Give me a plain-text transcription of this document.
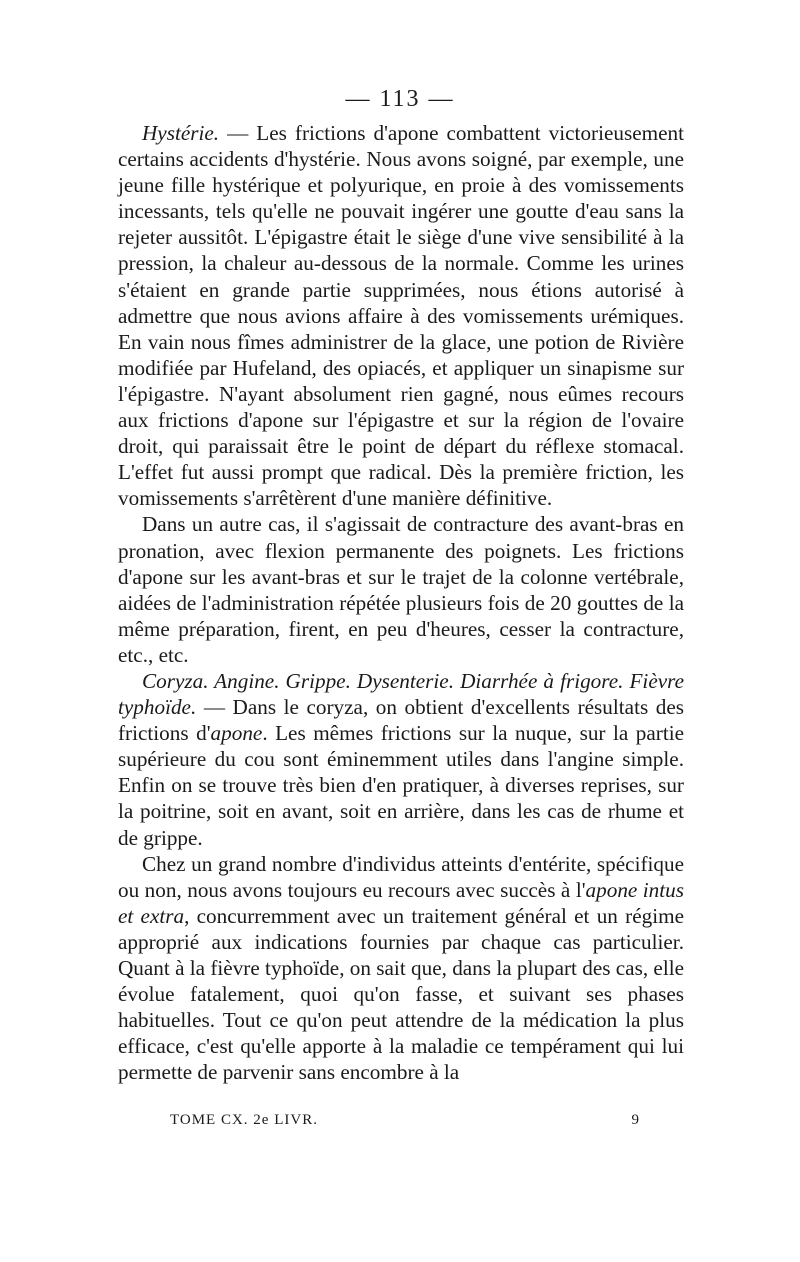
— 113 —

Hystérie. — Les frictions d'apone combattent victorieusement certains accidents d'hystérie. Nous avons soigné, par exemple, une jeune fille hystérique et polyurique, en proie à des vomissements incessants, tels qu'elle ne pouvait ingérer une goutte d'eau sans la rejeter aussitôt. L'épigastre était le siège d'une vive sensibilité à la pression, la chaleur au-dessous de la normale. Comme les urines s'étaient en grande partie supprimées, nous étions autorisé à admettre que nous avions affaire à des vomissements urémiques. En vain nous fîmes administrer de la glace, une potion de Rivière modifiée par Hufeland, des opiacés, et appliquer un sinapisme sur l'épigastre. N'ayant absolument rien gagné, nous eûmes recours aux frictions d'apone sur l'épigastre et sur la région de l'ovaire droit, qui paraissait être le point de départ du réflexe stomacal. L'effet fut aussi prompt que radical. Dès la première friction, les vomissements s'arrêtèrent d'une manière définitive.

Dans un autre cas, il s'agissait de contracture des avant-bras en pronation, avec flexion permanente des poignets. Les frictions d'apone sur les avant-bras et sur le trajet de la colonne vertébrale, aidées de l'administration répétée plusieurs fois de 20 gouttes de la même préparation, firent, en peu d'heures, cesser la contracture, etc., etc.

Coryza. Angine. Grippe. Dysenterie. Diarrhée à frigore. Fièvre typhoïde. — Dans le coryza, on obtient d'excellents résultats des frictions d'apone. Les mêmes frictions sur la nuque, sur la partie supérieure du cou sont éminemment utiles dans l'angine simple. Enfin on se trouve très bien d'en pratiquer, à diverses reprises, sur la poitrine, soit en avant, soit en arrière, dans les cas de rhume et de grippe.

Chez un grand nombre d'individus atteints d'entérite, spécifique ou non, nous avons toujours eu recours avec succès à l'apone intus et extra, concurremment avec un traitement général et un régime approprié aux indications fournies par chaque cas particulier. Quant à la fièvre typhoïde, on sait que, dans la plupart des cas, elle évolue fatalement, quoi qu'on fasse, et suivant ses phases habituelles. Tout ce qu'on peut attendre de la médication la plus efficace, c'est qu'elle apporte à la maladie ce tempérament qui lui permette de parvenir sans encombre à la

TOME CX. 2e LIVR.	9
